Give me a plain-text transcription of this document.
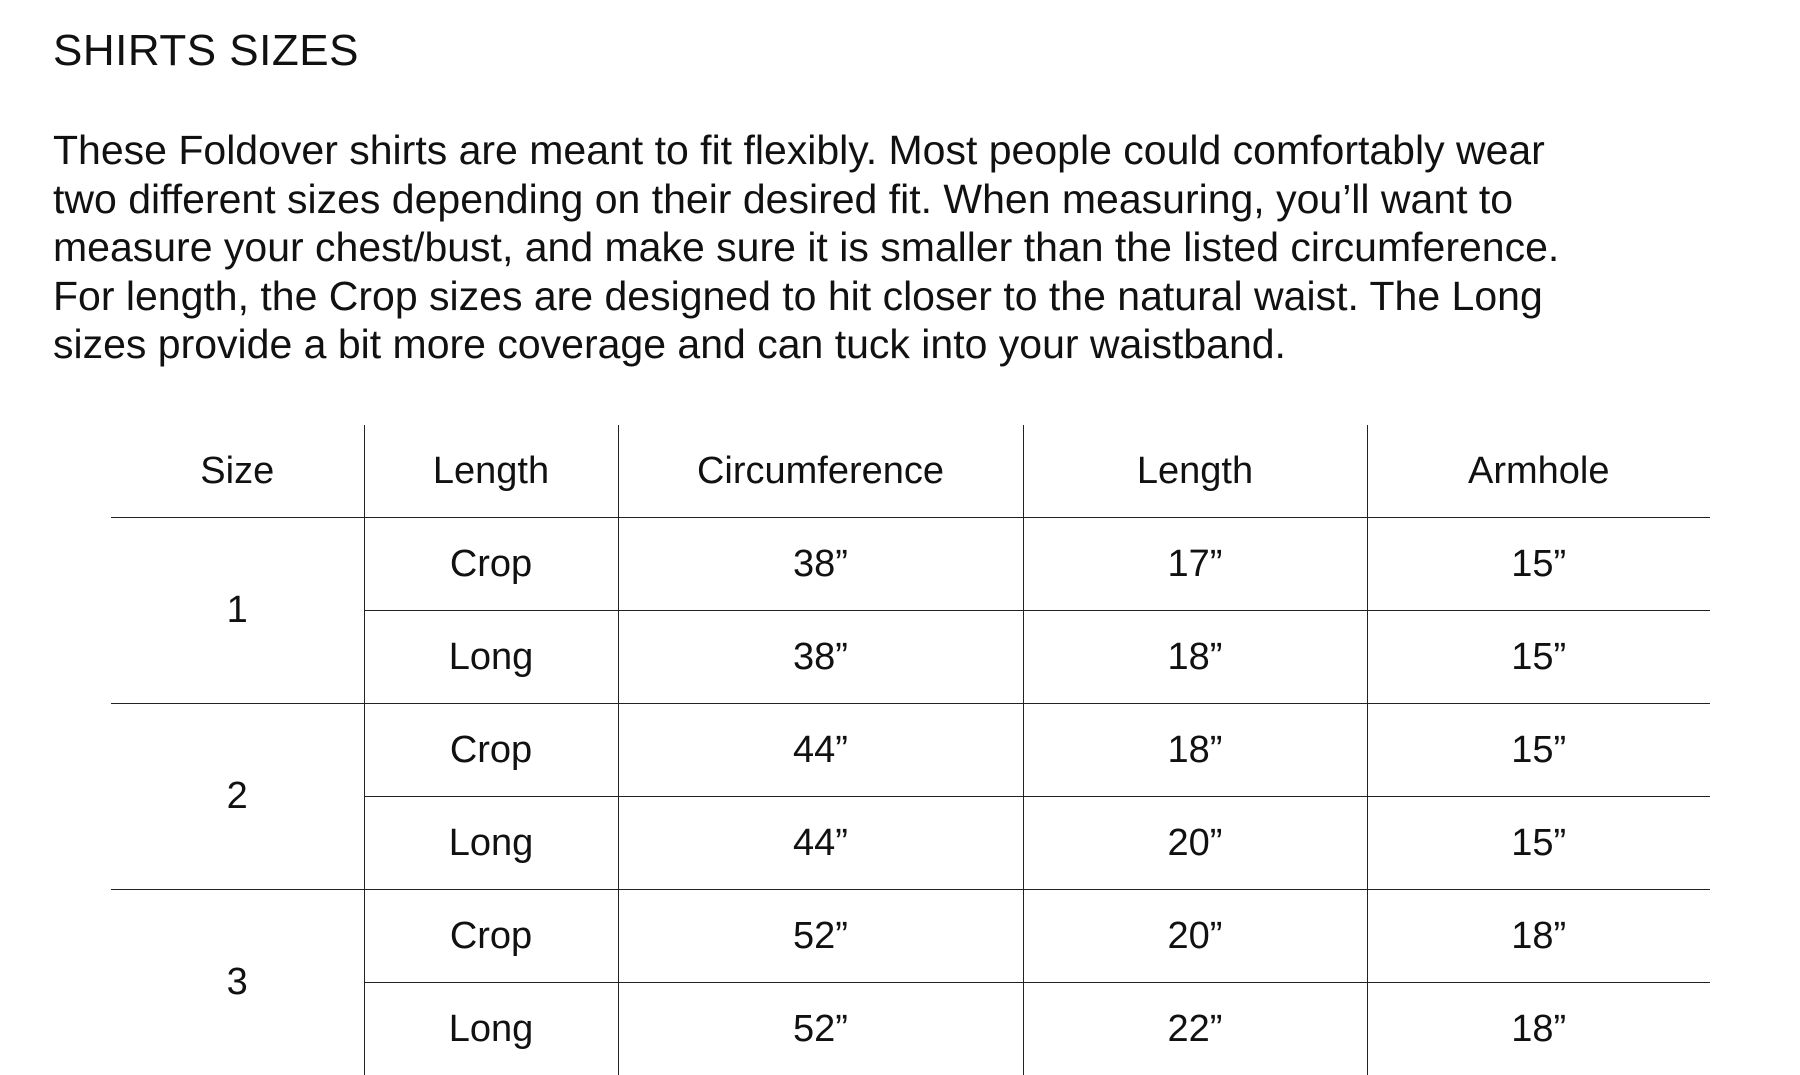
SHIRTS SIZES

These Foldover shirts are meant to fit flexibly. Most people could comfortably wear
two different sizes depending on their desired fit. When measuring, you’ll want to
measure your chest/bust, and make sure it is smaller than the listed circumference.
For length, the Crop sizes are designed to hit closer to the natural waist. The Long
sizes provide a bit more coverage and can tuck into your waistband.

Size	Length	Circumference	Length	Armhole
1	Crop	38”	17”	15”
	Long	38”	18”	15”
2	Crop	44”	18”	15”
	Long	44”	20”	15”
3	Crop	52”	20”	18”
	Long	52”	22”	18”
